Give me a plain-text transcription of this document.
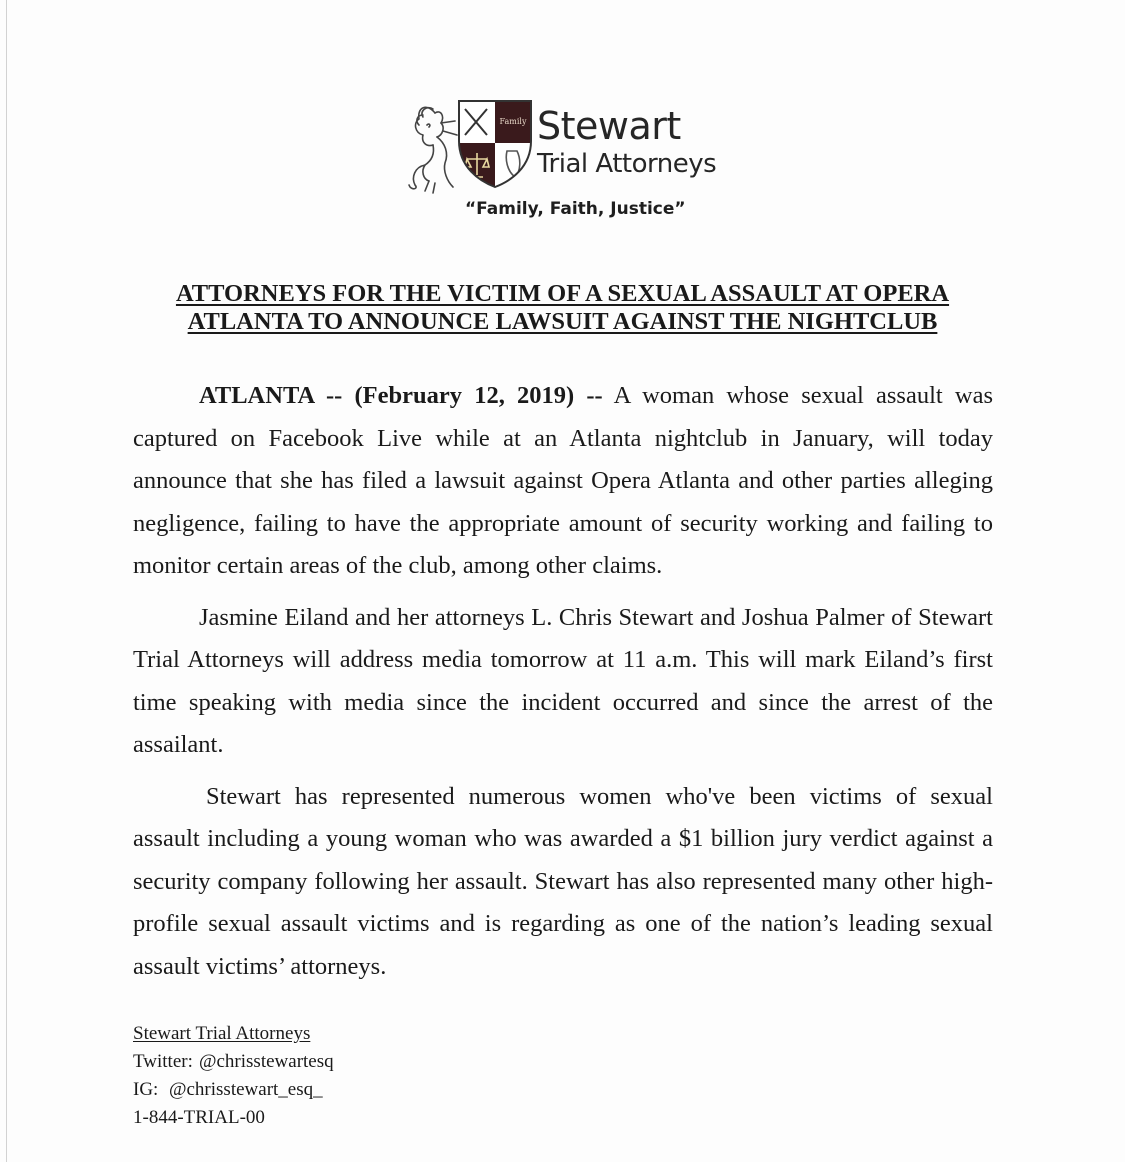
Family Stewart
Trial Attorneys
“Family, Faith, Justice”
ATTORNEYS FOR THE VICTIM OF A SEXUAL ASSAULT AT OPERA
ATLANTA TO ANNOUNCE LAWSUIT AGAINST THE NIGHTCLUB

ATLANTA -- (February 12, 2019) -- A woman whose sexual assault was captured on Facebook Live while at an Atlanta nightclub in January, will today announce that she has filed a lawsuit against Opera Atlanta and other parties alleging negligence, failing to have the appropriate amount of security working and failing to monitor certain areas of the club, among other claims.

Jasmine Eiland and her attorneys L. Chris Stewart and Joshua Palmer of Stewart Trial Attorneys will address media tomorrow at 11 a.m. This will mark Eiland’s first time speaking with media since the incident occurred and since the arrest of the assailant.

Stewart has represented numerous women who've been victims of sexual assault including a young woman who was awarded a $1 billion jury verdict against a security company following her assault. Stewart has also represented many other high-profile sexual assault victims and is regarding as one of the nation’s leading sexual assault victims’ attorneys.

Stewart Trial Attorneys
Twitter: @chrisstewartesq
IG: @chrisstewart_esq_
1-844-TRIAL-00
